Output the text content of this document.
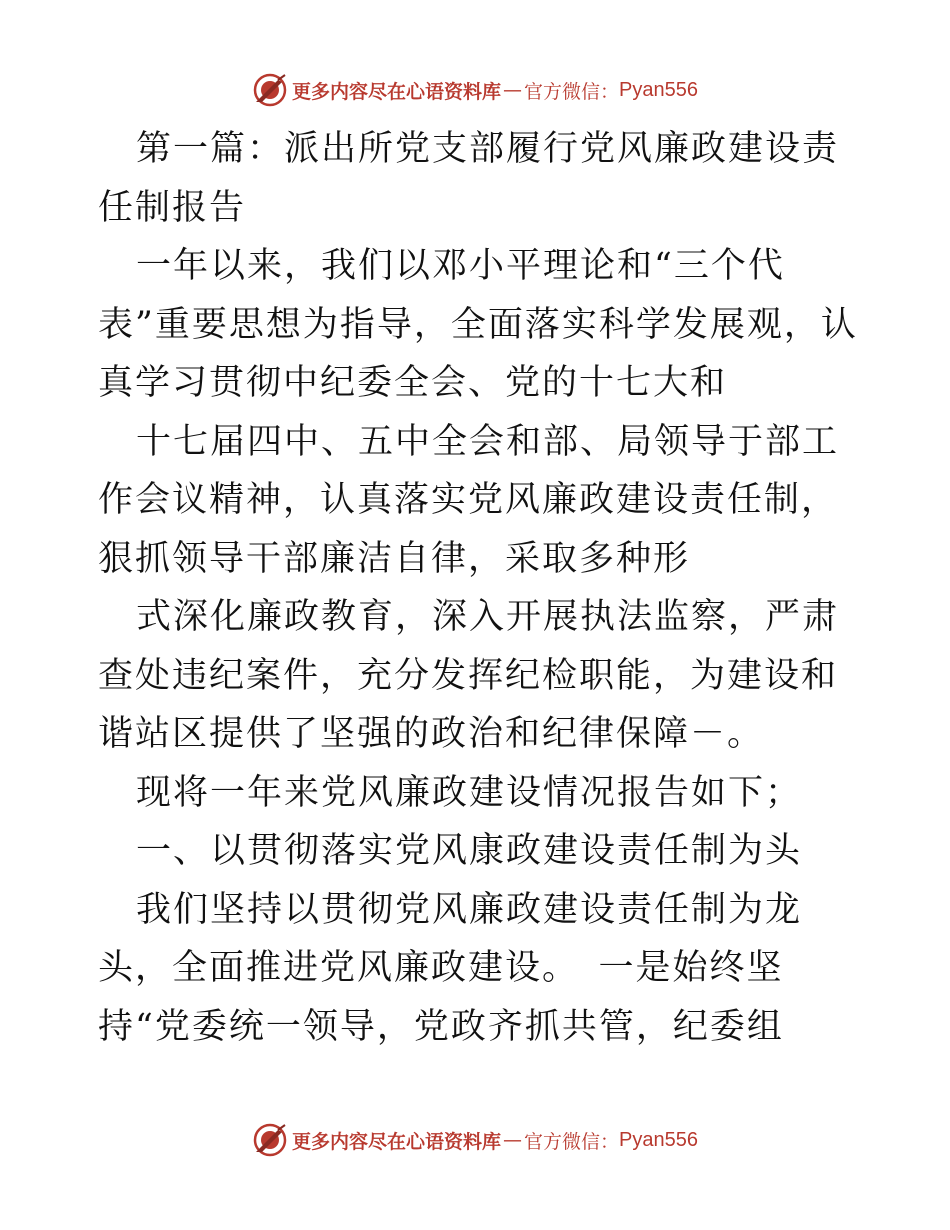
更多内容尽在心语资料库 — 官方微信： Pyan556

第一篇：派出所党支部履行党风廉政建设责任制报告

一年以来，我们以邓小平理论和“三个代表”重要思想为指导，全面落实科学发展观，认真学习贯彻中纪委全会、党的十七大和

十七届四中、五中全会和部、局领导于部工作会议精神，认真落实党风廉政建设责任制，狠抓领导干部廉洁自律，采取多种形

式深化廉政教育，深入开展执法监察，严肃查处违纪案件，充分发挥纪检职能，为建设和谐站区提供了坚强的政治和纪律保障－。

现将一年来党风廉政建设情况报告如下；

一、以贯彻落实党风康政建设责任制为头

我们坚持以贯彻党风廉政建设责任制为龙头，全面推进党风廉政建设。　一是始终坚持“党委统一领导，党政齐抓共管，纪委组

更多内容尽在心语资料库 — 官方微信： Pyan556
